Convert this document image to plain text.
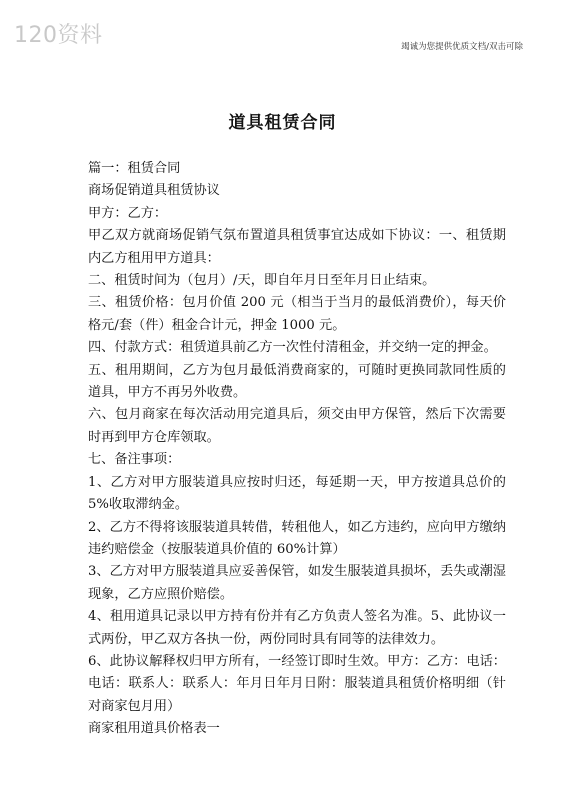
120资料	竭诚为您提供优质文档/双击可除
道具租赁合同

篇一：租赁合同

商场促销道具租赁协议

甲方：乙方：

甲乙双方就商场促销气氛布置道具租赁事宜达成如下协议：一、租赁期内乙方租用甲方道具：

二、租赁时间为（包月）/天，即自年月日至年月日止结束。

三、租赁价格：包月价值 200 元（相当于当月的最低消费价），每天价格元/套（件）租金合计元，押金 1000 元。

四、付款方式：租赁道具前乙方一次性付清租金，并交纳一定的押金。

五、租用期间，乙方为包月最低消费商家的，可随时更换同款同性质的道具，甲方不再另外收费。

六、包月商家在每次活动用完道具后，须交由甲方保管，然后下次需要时再到甲方仓库领取。

七、备注事项：

1、乙方对甲方服装道具应按时归还，每延期一天，甲方按道具总价的 5%收取滞纳金。

2、乙方不得将该服装道具转借，转租他人，如乙方违约，应向甲方缴纳违约赔偿金（按服装道具价值的 60%计算）

3、乙方对甲方服装道具应妥善保管，如发生服装道具损坏，丢失或潮湿现象，乙方应照价赔偿。

4、租用道具记录以甲方持有份并有乙方负责人签名为准。5、此协议一式两份，甲乙双方各执一份，两份同时具有同等的法律效力。

6、此协议解释权归甲方所有，一经签订即时生效。甲方：乙方：电话：电话：联系人：联系人：年月日年月日附：服装道具租赁价格明细（针对商家包月用）

商家租用道具价格表一
